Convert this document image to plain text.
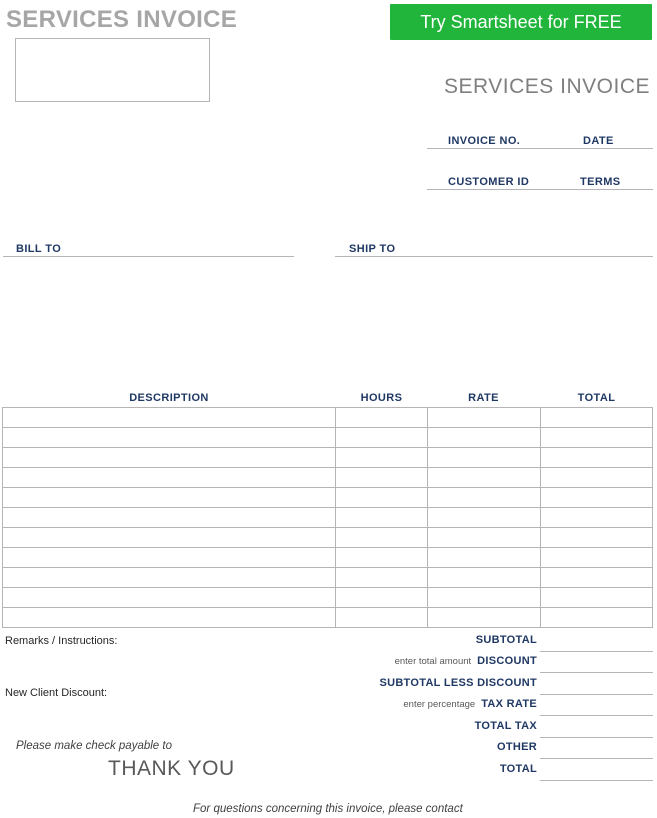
SERVICES INVOICE	Try Smartsheet for FREE
SERVICES INVOICE
INVOICE NO.	DATE
CUSTOMER ID	TERMS
BILL TO	SHIP TO
DESCRIPTION	HOURS	RATE	TOTAL

Remarks / Instructions:
New Client Discount:
Please make check payable to
THANK YOU
For questions concerning this invoice, please contact
SUBTOTAL
enter total amount DISCOUNT
SUBTOTAL LESS DISCOUNT
enter percentage TAX RATE
TOTAL TAX
OTHER
TOTAL
